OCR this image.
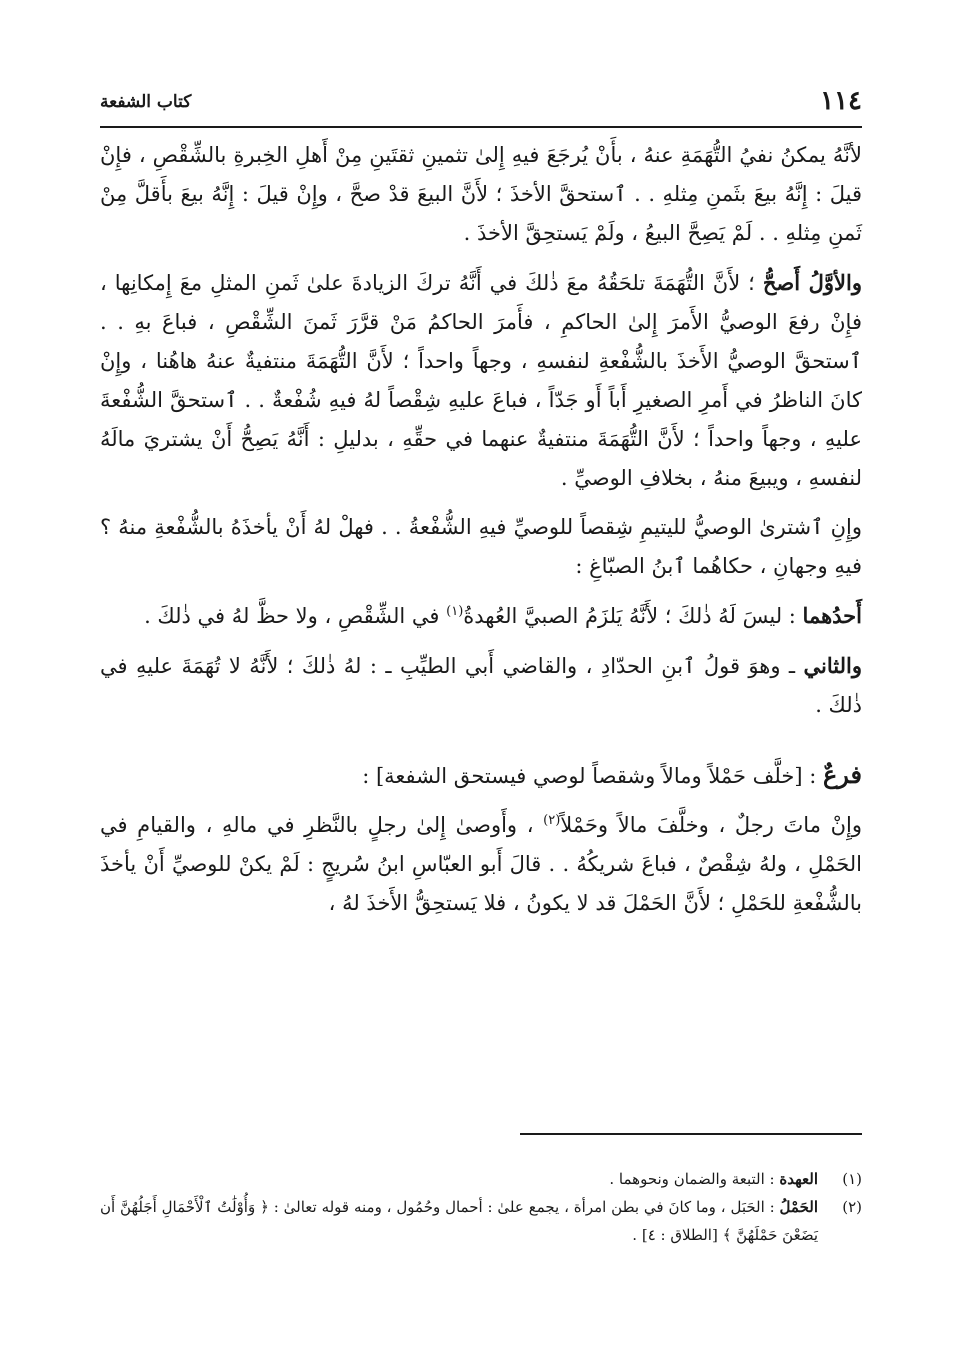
١١٤
كتاب الشفعة

لأنَّهُ يمكنُ نفيُ التُّهَمَةِ عنهُ ، بأَنْ يُرجَعَ فيهِ إِلىٰ تثمينِ ثقتَينِ مِنْ أَهلِ الخِبرةِ بالشِّقْصِ ، فإِنْ قيلَ : إِنَّهُ بيعَ بثَمنِ مِثلهِ . . ٱستحقَّ الأخذَ ؛ لأَنَّ البيعَ قدْ صحَّ ، وإِنْ قيلَ : إِنَّهُ بيعَ بأَقلَّ مِنْ ثَمنِ مِثلهِ . . لَمْ يَصِحَّ البيعُ ، ولَمْ يَستحِقَّ الأخذَ .

والأوَّلُ أَصحُّ ؛ لأَنَّ التُّهَمَةَ تلحَقُهُ معَ ذٰلكَ في أَنَّهُ تركَ الزيادةَ علىٰ ثَمنِ المثلِ معَ إِمكانِها ، فإِنْ رفعَ الوصيُّ الأَمرَ إِلىٰ الحاكمِ ، فأَمرَ الحاكمُ مَنْ قرَّرَ ثَمنَ الشِّقْصِ ، فباعَ بهِ . . ٱستحقَّ الوصيُّ الأَخذَ بالشُّفْعةِ لنفسهِ ، وجهاً واحداً ؛ لأَنَّ التُّهَمَةَ منتفيةٌ عنهُ هاهُنا ، وإِنْ كانَ الناظرُ في أَمرِ الصغيرِ أَباً أَو جَدّاً ، فباعَ عليهِ شِقْصاً لهُ فيهِ شُفْعةٌ . . ٱستحقَّ الشُّفْعةَ عليهِ ، وجهاً واحداً ؛ لأَنَّ التُّهَمَةَ منتفيةٌ عنهما في حقِّهِ ، بدليلِ : أَنَّهُ يَصِحُّ أَنْ يشتريَ مالَهُ لنفسهِ ، ويبيعَ منهُ ، بخلافِ الوصيِّ .

وإِنِ ٱشترىٰ الوصيُّ لليتيمِ شِقصاً للوصيِّ فيهِ الشُّفْعةُ . . فهلْ لهُ أَنْ يأخذَهُ بالشُّفْعةِ منهُ ؟ فيهِ وجهانِ ، حكاهُما ٱبنُ الصبّاغِ :

أَحدُهما : ليسَ لَهُ ذٰلكَ ؛ لأَنَّهُ يَلزَمُ الصبيَّ العُهدةُ$^{(١)}$ في الشِّقْصِ ، ولا حظَّ لهُ في ذٰلكَ .

والثاني ـ وهوَ قولُ ٱبنِ الحدّادِ ، والقاضي أَبي الطيِّبِ ـ : لهُ ذٰلكَ ؛ لأَنَّهُ لا تُهَمَةَ عليهِ في ذٰلكَ .

فرعٌ : [خلَّف حَمْلاً ومالاً وشقصاً لوصي فيستحق الشفعة] :

وإِنْ ماتَ رجلٌ ، وخلَّفَ مالاً وحَمْلاً$^{(٢)}$ ، وأَوصىٰ إِلىٰ رجلٍ بالنَّظرِ في مالهِ ، والقيامِ في الحَمْلِ ، ولهُ شِقْصٌ ، فباعَ شريكُهُ . . قالَ أَبو العبّاسِ ابنُ سُريجٍ : لَمْ يكنْ للوصيِّ أَنْ يأخذَ بالشُّفْعةِ للحَمْلِ ؛ لأَنَّ الحَمْلَ قد لا يكونُ ، فلا يَستحِقُّ الأَخذَ لهُ ،

(١)
العهدة : التبعة والضمان ونحوهما .

(٢)
الحَمْلُ : الحَبَل ، وما كانَ في بطن امرأة ، يجمع علىٰ : أحمال وحُمُول ، ومنه قوله تعالىٰ : ﴿ وَأُوْلَٰتُ ٱلْأَحْمَالِ أَجَلُهُنَّ أَن يَضَعْنَ حَمْلَهُنَّ ﴾ [الطلاق : ٤] .
